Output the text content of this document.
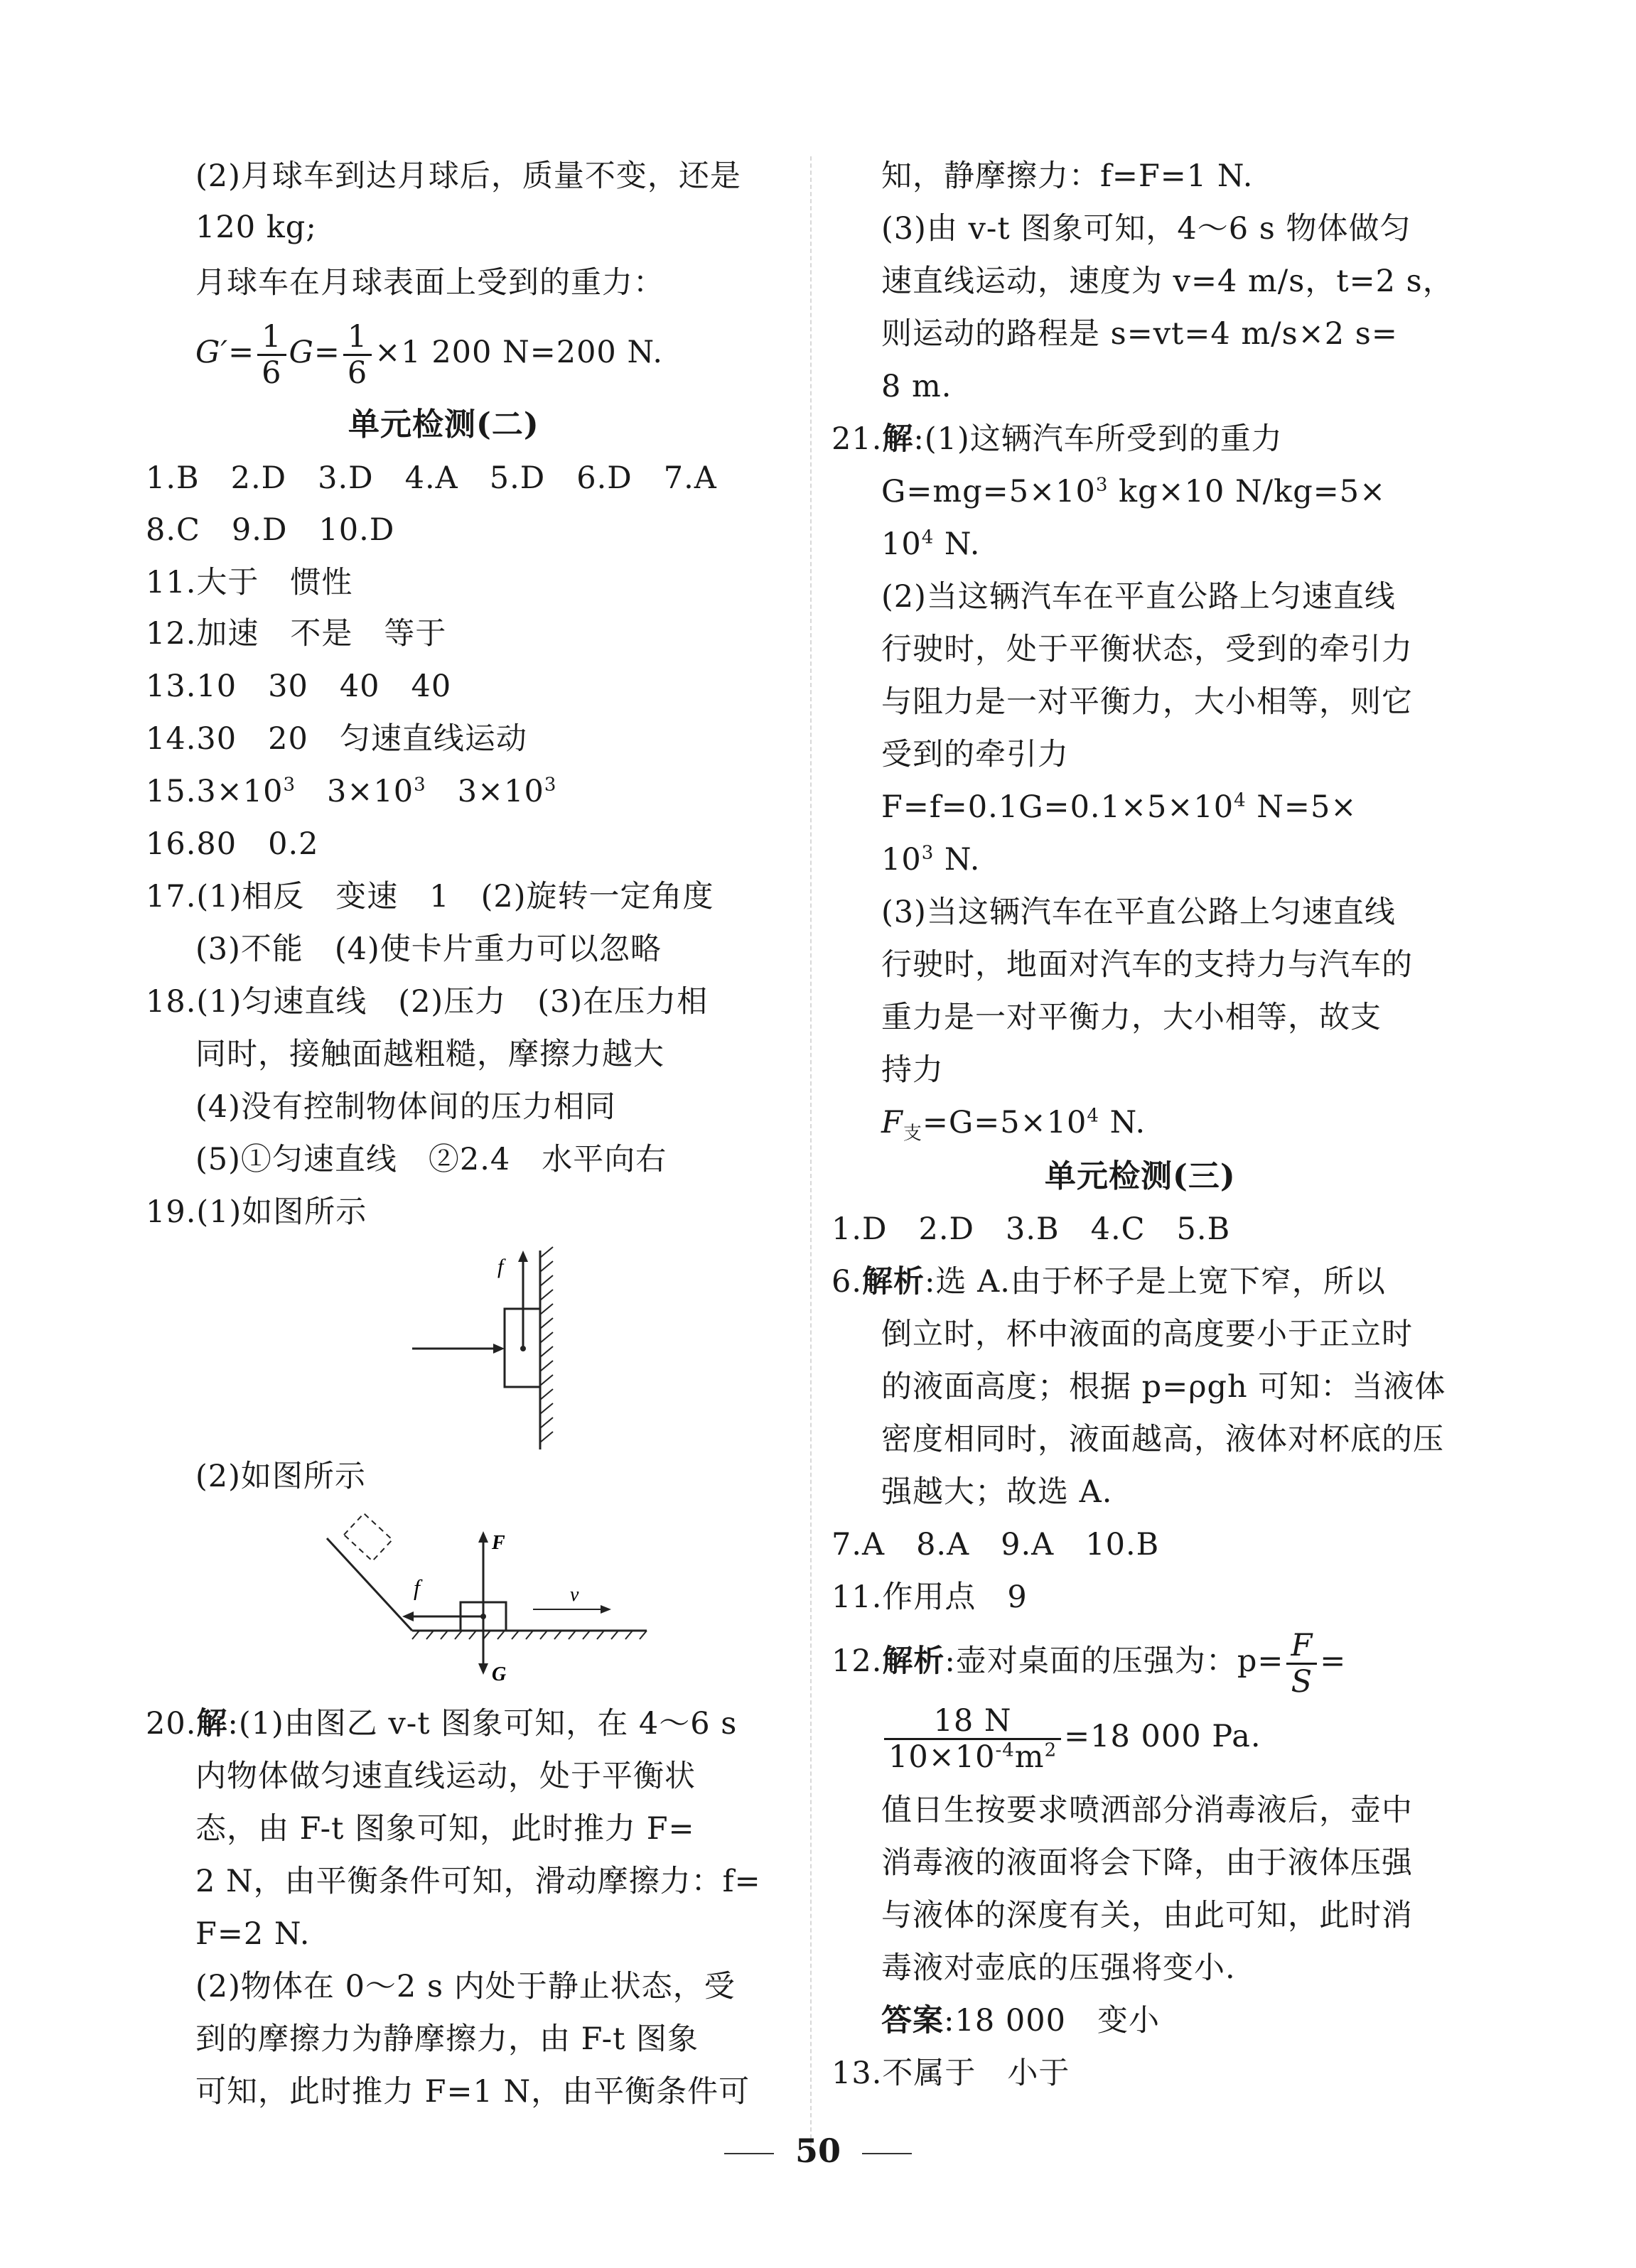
(2)月球车到达月球后，质量不变，还是
120 kg;
月球车在月球表面上受到的重力：
$G'= \frac{1}{6} G= \frac{1}{6} \times 1$ 200 N=200 N.
单元检测(二)
1.B　2.D　3.D　4.A　5.D　6.D　7.A
8.C　9.D　10.D
11.大于　惯性
12.加速　不是　等于
13.10　30　40　40
14.30　20　匀速直线运动
$15.3\times 10^3$　$3\times 10^3$　$3\times 10^3$
16.80　0.2
17.(1)相反　变速　1　(2)旋转一定角度
(3)不能　(4)使卡片重力可以忽略
18.(1)匀速直线　(2)压力　(3)在压力相
同时，接触面越粗糙，摩擦力越大
(4)没有控制物体间的压力相同
(5)①匀速直线　②2.4　水平向右
19.(1)如图所示
f
(2)如图所示
F
f	v
G
20.解:(1)由图乙 v-t 图象可知，在 4～6 s
内物体做匀速直线运动，处于平衡状
态，由 F-t 图象可知，此时推力 F=
2 N，由平衡条件可知，滑动摩擦力：f=
F=2 N.
(2)物体在 0～2 s 内处于静止状态，受
到的摩擦力为静摩擦力，由 F-t 图象
可知，此时推力 F=1 N，由平衡条件可
知，静摩擦力：f=F=1 N.
(3)由 v-t 图象可知，4～6 s 物体做匀
速直线运动，速度为 v=4 m/s，t=2 s，
则运动的路程是 s=vt=4 m/s×2 s=
8 m.
21.解:(1)这辆汽车所受到的重力
$G=mg=5\times 10^3$ kg×10 N/kg=5×
$10^4$ N.
(2)当这辆汽车在平直公路上匀速直线
行驶时，处于平衡状态，受到的牵引力
与阻力是一对平衡力，大小相等，则它
受到的牵引力
$F=f=0.1G=0.1\times 5\times 10^4$ N=5×
$10^3$ N.
(3)当这辆汽车在平直公路上匀速直线
行驶时，地面对汽车的支持力与汽车的
重力是一对平衡力，大小相等，故支
持力
$F_支=G=5\times 10^4$ N.
单元检测(三)
1.D　2.D　3.B　4.C　5.B
6.解析:选 A.由于杯子是上宽下窄，所以
倒立时，杯中液面的高度要小于正立时
的液面高度；根据 p=ρgh 可知：当液体
密度相同时，液面越高，液体对杯底的压
强越大；故选 A.
7.A　8.A　9.A　10.B
11.作用点　9
12.解析:壶对桌面的压强为：$p= \frac{F}{S}$ =
$\frac{18 N}{10\times 10^{-4}m^2} =18$ 000 Pa.
值日生按要求喷洒部分消毒液后，壶中
消毒液的液面将会下降，由于液体压强
与液体的深度有关，由此可知，此时消
毒液对壶底的压强将变小.
答案:18 000　变小
13.不属于　小于
50
